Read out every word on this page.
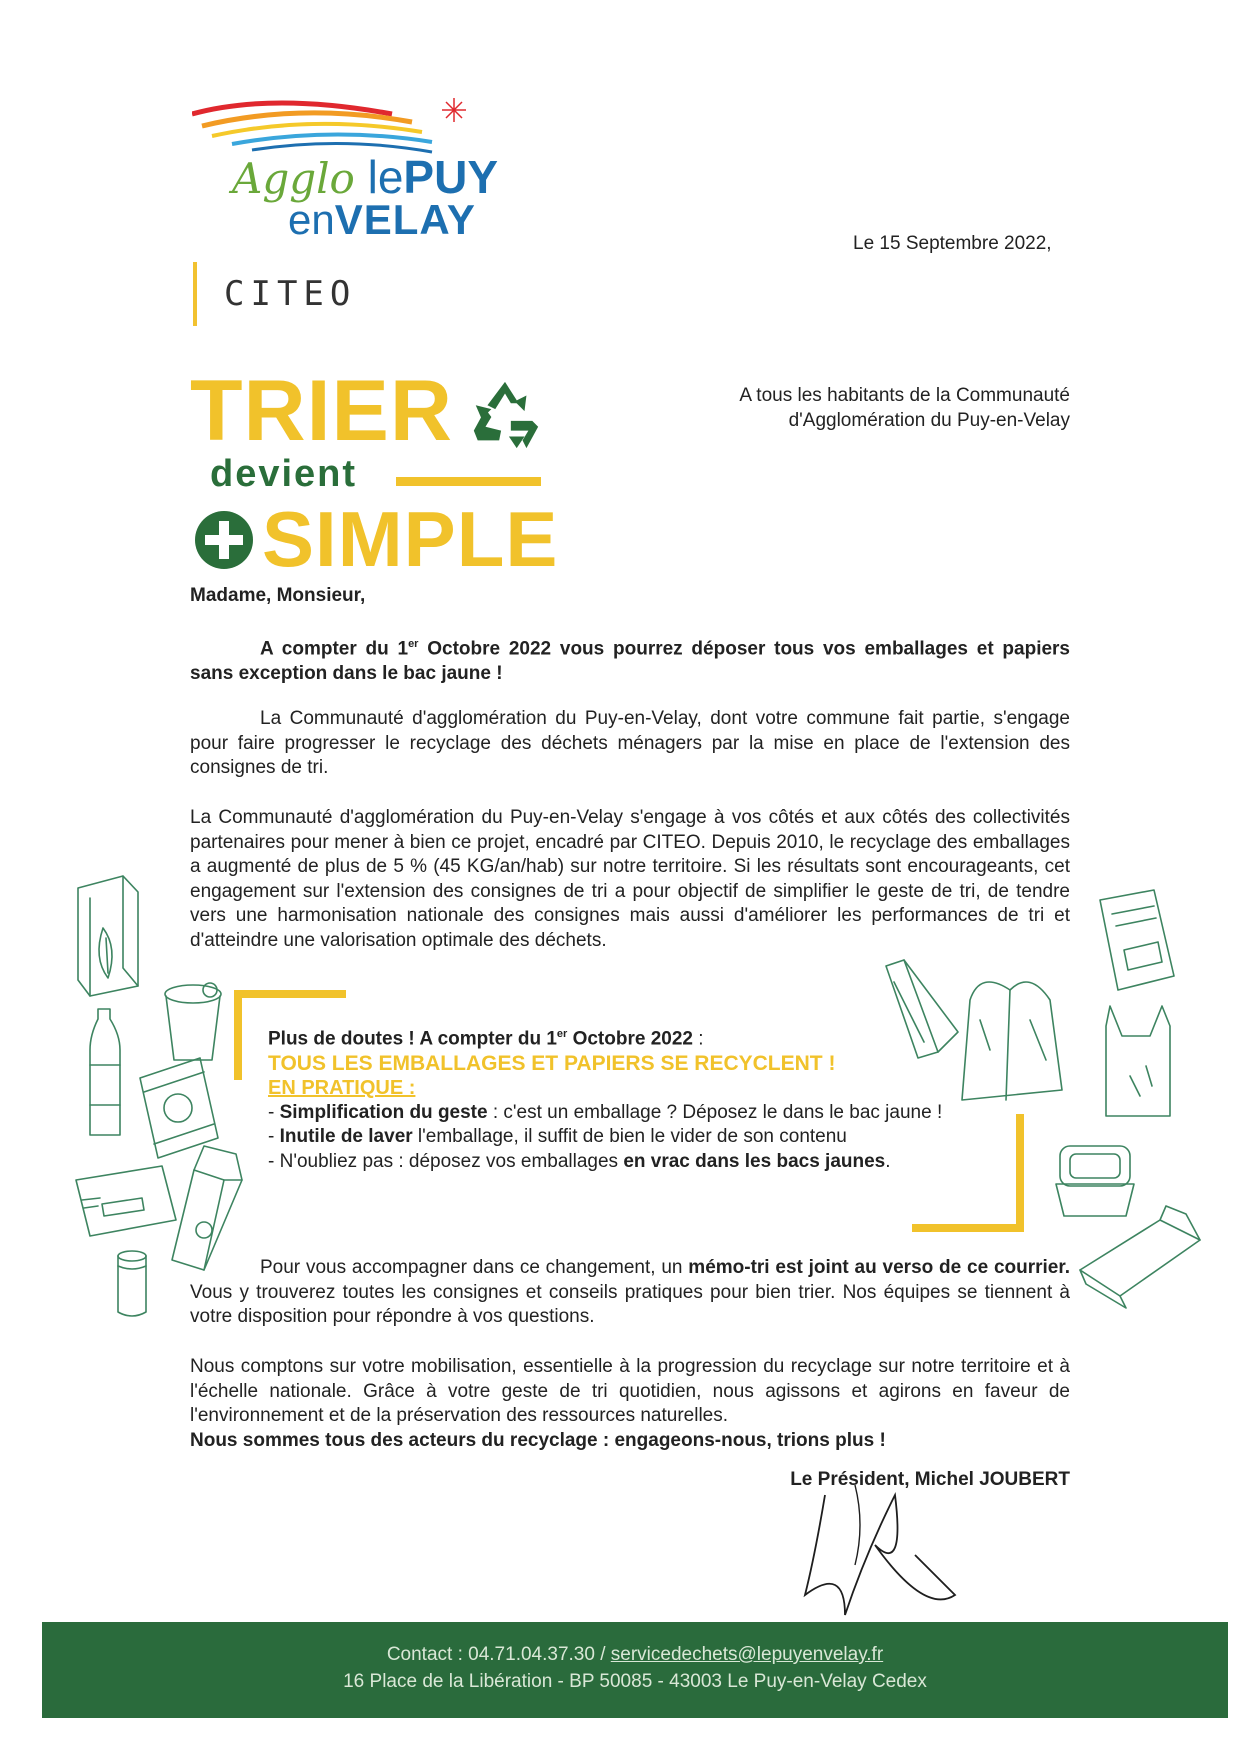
Agglo lePUY
enVELAY
CITEO
Le 15 Septembre 2022,
A tous les habitants de la Communauté
d'Agglomération du Puy-en-Velay
TRIER
devient
SIMPLE
Madame, Monsieur,
A compter du 1er Octobre 2022 vous pourrez déposer tous vos emballages et papiers sans exception dans le bac jaune !
La Communauté d'agglomération du Puy-en-Velay, dont votre commune fait partie, s'engage pour faire progresser le recyclage des déchets ménagers par la mise en place de l'extension des consignes de tri.
La Communauté d'agglomération du Puy-en-Velay s'engage à vos côtés et aux côtés des collectivités partenaires pour mener à bien ce projet, encadré par CITEO. Depuis 2010, le recyclage des emballages a augmenté de plus de 5 % (45 KG/an/hab) sur notre territoire. Si les résultats sont encourageants, cet engagement sur l'extension des consignes de tri a pour objectif de simplifier le geste de tri, de tendre vers une harmonisation nationale des consignes mais aussi d'améliorer les performances de tri et d'atteindre une valorisation optimale des déchets.
Plus de doutes ! A compter du 1er Octobre 2022 :
TOUS LES EMBALLAGES ET PAPIERS SE RECYCLENT !
EN PRATIQUE :
- Simplification du geste : c'est un emballage ? Déposez le dans le bac jaune !
- Inutile de laver l'emballage, il suffit de bien le vider de son contenu
- N'oubliez pas : déposez vos emballages en vrac dans les bacs jaunes.
Pour vous accompagner dans ce changement, un mémo-tri est joint au verso de ce courrier. Vous y trouverez toutes les consignes et conseils pratiques pour bien trier. Nos équipes se tiennent à votre disposition pour répondre à vos questions.
Nous comptons sur votre mobilisation, essentielle à la progression du recyclage sur notre territoire et à l'échelle nationale. Grâce à votre geste de tri quotidien, nous agissons et agirons en faveur de l'environnement et de la préservation des ressources naturelles.
Nous sommes tous des acteurs du recyclage : engageons-nous, trions plus !
Le Président, Michel JOUBERT
Contact : 04.71.04.37.30 / servicedechets@lepuyenvelay.fr
16 Place de la Libération - BP 50085 - 43003 Le Puy-en-Velay Cedex
